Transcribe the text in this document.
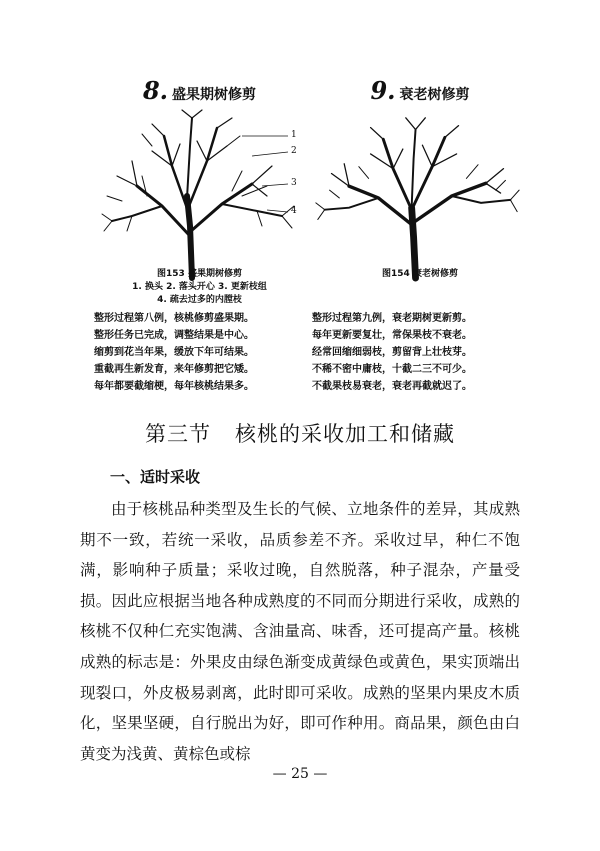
8. 盛果期树修剪
1
2
3
4
图153 盛果期树修剪
1. 换头 2. 落头开心 3. 更新枝组
4. 疏去过多的内膛枝
整形过程第八例，核桃修剪盛果期。
整形任务已完成，调整结果是中心。
缩剪到花当年果，缓放下年可结果。
重截再生新发育，来年修剪把它矮。
每年都要截缩梗，每年核桃结果多。
9. 衰老树修剪
图154 衰老树修剪
整形过程第九例，衰老期树更新剪。
每年更新要复壮，常保果枝不衰老。
经常回缩细弱枝，剪留背上壮枝芽。
不稀不密中庸枝，十截二三不可少。
不截果枝易衰老，衰老再截就迟了。
第三节 核桃的采收加工和储藏
一、适时采收

由于核桃品种类型及生长的气候、立地条件的差异，其成熟期不一致，若统一采收，品质参差不齐。采收过早，种仁不饱满，影响种子质量；采收过晚，自然脱落，种子混杂，产量受损。因此应根据当地各种成熟度的不同而分期进行采收，成熟的核桃不仅种仁充实饱满、含油量高、味香，还可提高产量。核桃成熟的标志是：外果皮由绿色渐变成黄绿色或黄色，果实顶端出现裂口，外皮极易剥离，此时即可采收。成熟的坚果内果皮木质化，坚果坚硬，自行脱出为好，即可作种用。商品果，颜色由白黄变为浅黄、黄棕色或棕

— 25 —
